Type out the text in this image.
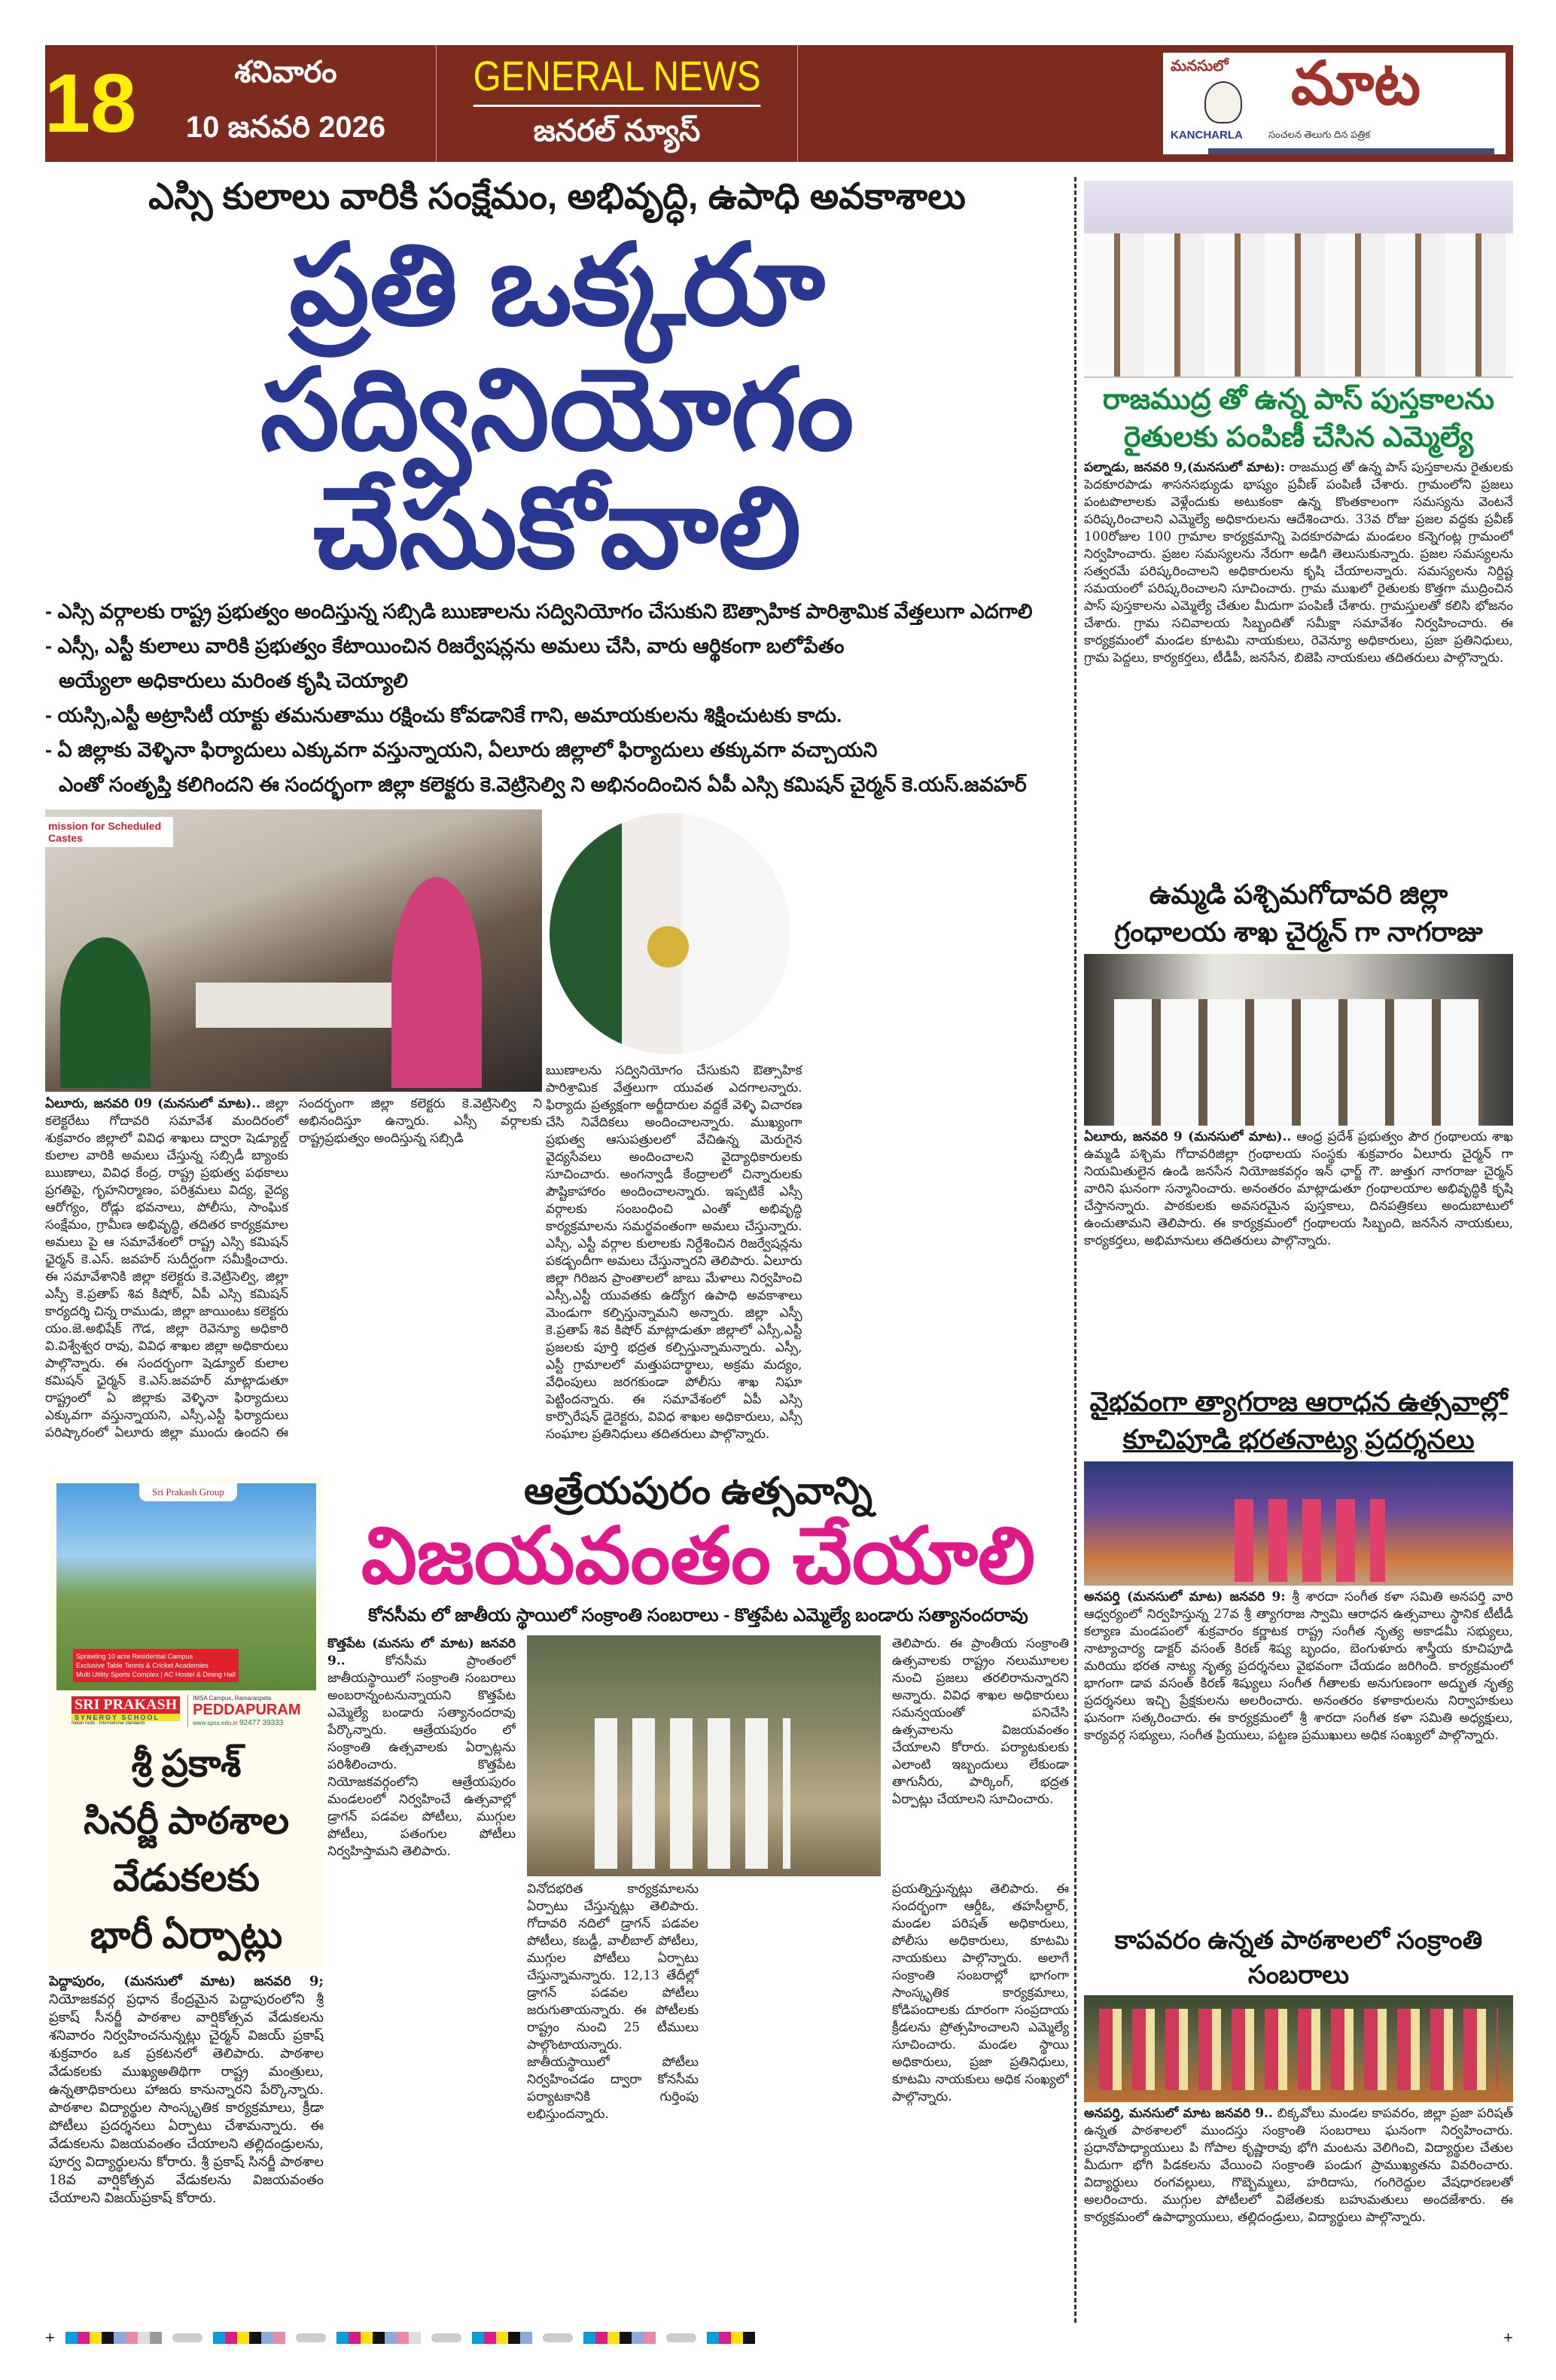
18	శనివారం
10 జనవరి 2026
GENERAL NEWS
జనరల్ న్యూస్
మనసులో మాట
KANCHARLA	సంచలన తెలుగు దిన పత్రిక
ఎస్సి కులాలు వారికి సంక్షేమం, అభివృద్ధి, ఉపాధి అవకాశాలు
ప్రతి ఒక్కరూ
సద్వినియోగం చేసుకోవాలి
- ఎస్సి వర్గాలకు రాష్ట్ర ప్రభుత్వం అందిస్తున్న సబ్సిడి ఋణాలను సద్వినియోగం చేసుకుని ఔత్సాహిక పారిశ్రామిక వేత్తలుగా ఎదగాలి
- ఎస్సీ, ఎస్టీ కులాలు వారికి ప్రభుత్వం కేటాయించిన రిజర్వేషన్లను అమలు చేసి, వారు ఆర్థికంగా బలోపేతం
అయ్యేలా అధికారులు మరింత కృషి చెయ్యాలి
- యస్సి,ఎస్టీ అట్రాసిటీ యాక్టు తమనుతాము రక్షించు కోవడానికే గాని, అమాయకులను శిక్షించుటకు కాదు.
- ఏ జిల్లాకు వెళ్ళినా ఫిర్యాదులు ఎక్కువగా వస్తున్నాయని, ఏలూరు జిల్లాలో ఫిర్యాదులు తక్కువగా వచ్చాయని
ఎంతో సంతృప్తి కలిగిందని ఈ సందర్భంగా జిల్లా కలెక్టరు కె.వెట్రిసెల్వి ని అభినందించిన ఏపీ ఎస్సి కమిషన్ చైర్మన్ కె.యస్.జవహర్
mission for Scheduled Castes
ఏలూరు, జనవరి 09 (మనసులో మాట).. జిల్లా కలెక్టరేటు గోదావరి సమావేశ మందిరంలో శుక్రవారం జిల్లాలో వివిధ శాఖలు ద్వారా షెడ్యూల్డ్ కులాల వారికి అమలు చేస్తున్న సబ్సిడీ బ్యాంకు ఋణాలు, వివిధ కేంద్ర, రాష్ట్ర ప్రభుత్వ పథకాలు ప్రగతిపై, గృహనిర్మాణం, పరిశ్రమలు విద్య, వైద్య ఆరోగ్యం, రోడ్లు భవనాలు, పోలీసు, సాంఘిక సంక్షేమం, గ్రామీణ అభివృద్ధి, తదితర కార్యక్రమాల అమలు పై ఆ సమావేశంలో రాష్ట్ర ఎస్సి కమిషన్ ఛైర్మన్ కె.ఎస్. జవహర్ సుదీర్ఘంగా సమీక్షించారు. ఈ సమావేశానికి జిల్లా కలెక్టరు కె.వెట్రిసెల్వి, జిల్లా ఎస్పీ కె.ప్రతాప్ శివ కిషోర్, ఏపీ ఎస్సి కమిషన్ కార్యదర్శి చిన్న రాముడు, జిల్లా జాయింటు కలెక్టరు యం.జె.అభిషేక్ గౌడ, జిల్లా రెవెన్యూ అధికారి వి.విశ్వేశ్వర రావు, వివిధ శాఖల జిల్లా అధికారులు పాల్గొన్నారు. ఈ సందర్భంగా షెడ్యూల్ కులాల కమిషన్ ఛైర్మన్ కె.ఎస్.జవహర్ మాట్లాడుతూ రాష్ట్రంలో ఏ జిల్లాకు వెళ్ళినా ఫిర్యాదులు ఎక్కువగా వస్తున్నాయని, ఎస్సీ,ఎస్టీ ఫిర్యాదులు పరిష్కారంలో ఏలూరు జిల్లా ముందు ఉందని ఈ సందర్భంగా జిల్లా కలెక్టరు కె.వెట్రిసెల్వి ని అభినందిస్తూ ఉన్నారు. ఎస్సీ వర్గాలకు రాష్ట్రప్రభుత్వం అందిస్తున్న సబ్సిడి
ఋణాలను సద్వినియోగం చేసుకుని ఔత్సాహిక పారిశ్రామిక వేత్తలుగా యువత ఎదగాలన్నారు. ఫిర్యాదు ప్రత్యక్షంగా అర్జీదారుల వద్దకే వెళ్ళి విచారణ చేసి నివేదికలు అందించాలన్నారు. ముఖ్యంగా ప్రభుత్వ ఆసుపత్రులలో వేచిఉన్న మెరుగైన వైద్యసేవలు అందించాలని వైద్యాధికారులకు సూచించారు. అంగన్వాడీ కేంద్రాలలో చిన్నారులకు పౌష్టికాహారం అందించాలన్నారు. ఇప్పటికే ఎస్సీ వర్గాలకు సంబంధించి ఎంతో అభివృద్ధి కార్యక్రమాలను సమర్థవంతంగా అమలు చేస్తున్నారు. ఎస్సీ, ఎస్టీ వర్గాల కులాలకు నిర్దేశించిన రిజర్వేషన్లను పకడ్బందీగా అమలు చేస్తున్నారని తెలిపారు. ఏలూరు జిల్లా గిరిజన ప్రాంతాలలో జాబు మేళాలు నిర్వహించి ఎస్సీ,ఎస్టీ యువతకు ఉద్యోగ ఉపాధి అవకాశాలు మెండుగా కల్పిస్తున్నామని అన్నారు. జిల్లా ఎస్పీ కె.ప్రతాప్ శివ కిషోర్ మాట్లాడుతూ జిల్లాలో ఎస్సీ,ఎస్టీ ప్రజలకు పూర్తి భద్రత కల్పిస్తున్నామన్నారు. ఎస్సీ, ఎస్టీ గ్రామాలలో మత్తుపదార్థాలు, అక్రమ మద్యం, వేధింపులు జరగకుండా పోలీసు శాఖ నిఘా పెట్టిందన్నారు. ఈ సమావేశంలో ఏపీ ఎస్సి కార్పొరేషన్ డైరెక్టరు, వివిధ శాఖల అధికారులు, ఎస్సీ సంఘాల ప్రతినిధులు తదితరులు పాల్గొన్నారు.
Sri Prakash Group
Sprawling 10 acre Residential Campus
Exclusive Table Tennis & Cricket Academies
Multi Utility Sports Complex | AC Hostel & Dining Hall
SRI PRAKASH
SYNERGY SCHOOL
Indian roots - International standards
IMSA Campus, Ramaraopeta
PEDDAPURAM
www.spss.edu.in 92477 39333
శ్రీ ప్రకాశ్
సినర్జీ పాఠశాల
వేడుకలకు
భారీ ఏర్పాట్లు
పెద్దాపురం, (మనసులో మాట) జనవరి 9; నియోజకవర్గ ప్రధాన కేంద్రమైన పెద్దాపురంలోని శ్రీ ప్రకాష్ సీనర్జీ పాఠశాల వార్షికోత్సవ వేడుకలను శనివారం నిర్వహించనున్నట్లు చైర్మన్ విజయ్ ప్రకాష్ శుక్రవారం ఒక ప్రకటనలో తెలిపారు. పాఠశాల వేడుకలకు ముఖ్యఅతిథిగా రాష్ట్ర మంత్రులు, ఉన్నతాధికారులు హాజరు కానున్నారని పేర్కొన్నారు. పాఠశాల విద్యార్థుల సాంస్కృతిక కార్యక్రమాలు, క్రీడా పోటీలు ప్రదర్శనలు ఏర్పాటు చేశామన్నారు. ఈ వేడుకలను విజయవంతం చేయాలని తల్లిదండ్రులను, పూర్వ విద్యార్థులను కోరారు. శ్రీ ప్రకాష్ సినర్జీ పాఠశాల 18వ వార్షికోత్సవ వేడుకలను విజయవంతం చేయాలని విజయ్‌ప్రకాష్ కోరారు.
ఆత్రేయపురం ఉత్సవాన్ని
విజయవంతం చేయాలి
కోనసీమ లో జాతీయ స్థాయిలో సంక్రాంతి సంబరాలు - కొత్తపేట ఎమ్మెల్యే బండారు సత్యానందరావు
కొత్తపేట (మనసు లో మాట) జనవరి 9..	కోనసీమ ప్రాంతంలో జాతీయస్థాయిలో సంక్రాంతి సంబరాలు అంబరాన్నంటనున్నాయని కొత్తపేట ఎమ్మెల్యే బండారు సత్యానందరావు పేర్కొన్నారు. ఆత్రేయపురం లో సంక్రాంతి ఉత్సవాలకు ఏర్పాట్లను పరిశీలించారు. కొత్తపేట నియోజకవర్గంలోని ఆత్రేయపురం మండలంలో నిర్వహించే ఉత్సవాల్లో డ్రాగన్ పడవల పోటీలు, ముగ్గుల పోటీలు, పతంగుల పోటీలు నిర్వహిస్తామని తెలిపారు.
తెలిపారు. ఈ ప్రాంతీయ సంక్రాంతి ఉత్సవాలకు రాష్ట్రం నలుమూలల నుంచి ప్రజలు తరలిరానున్నారని అన్నారు. వివిధ శాఖల అధికారులు సమన్వయంతో పనిచేసి ఉత్సవాలను విజయవంతం చేయాలని కోరారు. పర్యాటకులకు ఎలాంటి ఇబ్బందులు లేకుండా తాగునీరు, పార్కింగ్, భద్రత ఏర్పాట్లు చేయాలని సూచించారు.
వినోదభరిత కార్యక్రమాలను ఏర్పాటు చేస్తున్నట్లు తెలిపారు. గోదావరి నదిలో డ్రాగన్ పడవల పోటీలు, కబడ్డీ, వాలీబాల్ పోటీలు, ముగ్గుల పోటీలు ఏర్పాటు చేస్తున్నామన్నారు. 12,13 తేదీల్లో డ్రాగన్ పడవల పోటీలు జరుగుతాయన్నారు. ఈ పోటీలకు రాష్ట్రం నుంచి 25 టీములు పాల్గొంటాయన్నారు. జాతీయస్థాయిలో పోటీలు నిర్వహించడం ద్వారా కోనసీమ పర్యాటకానికి గుర్తింపు లభిస్తుందన్నారు.
ప్రయత్నిస్తున్నట్లు తెలిపారు. ఈ సందర్భంగా ఆర్డీఓ, తహసీల్దార్, మండల పరిషత్ అధికారులు, పోలీసు అధికారులు, కూటమి నాయకులు పాల్గొన్నారు. అలాగే సంక్రాంతి సంబరాల్లో భాగంగా సాంస్కృతిక కార్యక్రమాలు, కోడిపందాలకు దూరంగా సంప్రదాయ క్రీడలను ప్రోత్సహించాలని ఎమ్మెల్యే సూచించారు. మండల స్థాయి అధికారులు, ప్రజా ప్రతినిధులు, కూటమి నాయకులు అధిక సంఖ్యలో పాల్గొన్నారు.
రాజముద్ర తో ఉన్న పాస్ పుస్తకాలను
రైతులకు పంపిణీ చేసిన ఎమ్మెల్యే
పల్నాడు, జనవరి 9,(మనసులో మాట): రాజముద్ర తో ఉన్న పాస్ పుస్తకాలను రైతులకు పెదకూరపాడు శాసనసభ్యుడు భాష్యం ప్రవీణ్ పంపిణీ చేశారు. గ్రామంలోని ప్రజలు పంటపొలాలకు వెళ్లేందుకు అటుకంకా ఉన్న కొంతకాలంగా సమస్యను వెంటనే పరిష్కరించాలని ఎమ్మెల్యే అధికారులను ఆదేశించారు. 33వ రోజు ప్రజల వద్దకు ప్రవీణ్ 100రోజుల 100 గ్రామాల కార్యక్రమాన్ని పెదకూరపాడు మండలం కన్నెగంట్ల గ్రామంలో నిర్వహించారు. ప్రజల సమస్యలను నేరుగా అడిగి తెలుసుకున్నారు. ప్రజల సమస్యలను సత్వరమే పరిష్కరించాలని అధికారులను కృషి చేయాలన్నారు. సమస్యలను నిర్దిష్ట సమయంలో పరిష్కరించాలని సూచించారు. గ్రామ ముఖలో రైతులకు కొత్తగా ముద్రించిన పాస్ పుస్తకాలను ఎమ్మెల్యే చేతుల మీదుగా పంపిణీ చేశారు. గ్రామస్తులతో కలిసి భోజనం చేశారు. గ్రామ సచివాలయ సిబ్బందితో సమీక్షా సమావేశం నిర్వహించారు. ఈ కార్యక్రమంలో మండల కూటమి నాయకులు, రెవెన్యూ అధికారులు, ప్రజా ప్రతినిధులు, గ్రామ పెద్దలు, కార్యకర్తలు, టీడీపీ, జనసేన, బిజెపి నాయకులు తదితరులు పాల్గొన్నారు.
ఉమ్మడి పశ్చిమగోదావరి జిల్లా
గ్రంధాలయ శాఖ చైర్మన్ గా నాగరాజు
ఏలూరు, జనవరి 9 (మనసులో మాట).. ఆంధ్ర ప్రదేశ్ ప్రభుత్వం పౌర గ్రంథాలయ శాఖ ఉమ్మడి పశ్చిమ గోదావరిజిల్లా గ్రంథాలయ సంస్థకు శుక్రవారం ఏలూరు చైర్మన్ గా నియమితులైన ఉండి జనసేన నియోజకవర్గం ఇన్ ఛార్జ్ గౌ. జుత్తుగ నాగరాజు చైర్మన్ వారిని ఘనంగా సన్మానించారు. అనంతరం మాట్లాడుతూ గ్రంథాలయాల అభివృద్ధికి కృషి చేస్తానన్నారు. పాఠకులకు అవసరమైన పుస్తకాలు, దినపత్రికలు అందుబాటులో ఉంచుతామని తెలిపారు. ఈ కార్యక్రమంలో గ్రంథాలయ సిబ్బంది, జనసేన నాయకులు, కార్యకర్తలు, అభిమానులు తదితరులు పాల్గొన్నారు.
వైభవంగా త్యాగరాజ ఆరాధన ఉత్సవాల్లో
కూచిపూడి భరతనాట్య ప్రదర్శనలు
అనపర్తి (మనసులో మాట) జనవరి 9: శ్రీ శారదా సంగీత కళా సమితి అనపర్తి వారి ఆధ్వర్యంలో నిర్వహిస్తున్న 27వ శ్రీ త్యాగరాజ స్వామి ఆరాధన ఉత్సవాలు స్థానిక టీటీడీ కల్యాణ మండపంలో శుక్రవారం కర్ణాటక రాష్ట్ర సంగీత నృత్య అకాడమీ సభ్యులు, నాట్యాచార్య డాక్టర్ వసంత్ కిరణ్ శిష్య బృందం, బెంగుళూరు శాస్త్రీయ కూచిపూడి మరియు భరత నాట్య నృత్య ప్రదర్శనలు వైభవంగా చేయడం జరిగింది. కార్యక్రమంలో భాగంగా డావ వసంత్ కిరణ్ శిష్యులు సంగీత గీతాలకు అనుగుణంగా అద్భుత నృత్య ప్రదర్శనలు ఇచ్చి ప్రేక్షకులను అలరించారు. అనంతరం కళాకారులను నిర్వాహకులు ఘనంగా సత్కరించారు. ఈ కార్యక్రమంలో శ్రీ శారదా సంగీత కళా సమితి అధ్యక్షులు, కార్యవర్గ సభ్యులు, సంగీత ప్రియులు, పట్టణ ప్రముఖులు అధిక సంఖ్యలో పాల్గొన్నారు.
కాపవరం ఉన్నత పాఠశాలలో సంక్రాంతి సంబరాలు
అనపర్తి, మనసులో మాట జనవరి 9.. బిక్కవోలు మండల కాపవరం, జిల్లా ప్రజా పరిషత్ ఉన్నత పాఠశాలలో ముందస్తు సంక్రాంతి సంబరాలు ఘనంగా నిర్వహించారు. ప్రధానోపాధ్యాయులు పి గోపాల కృష్ణారావు భోగి మంటను వెలిగించి, విద్యార్థుల చేతుల మీదుగా భోగి పిడకలను వేయించి సంక్రాంతి పండుగ ప్రాముఖ్యతను వివరించారు. విద్యార్థులు రంగవల్లులు, గొబ్బెమ్మలు, హరిదాసు, గంగిరెద్దుల వేషధారణలతో అలరించారు. ముగ్గుల పోటీలలో విజేతలకు బహుమతులు అందజేశారు. ఈ కార్యక్రమంలో ఉపాధ్యాయులు, తల్లిదండ్రులు, విద్యార్థులు పాల్గొన్నారు.
+	+
